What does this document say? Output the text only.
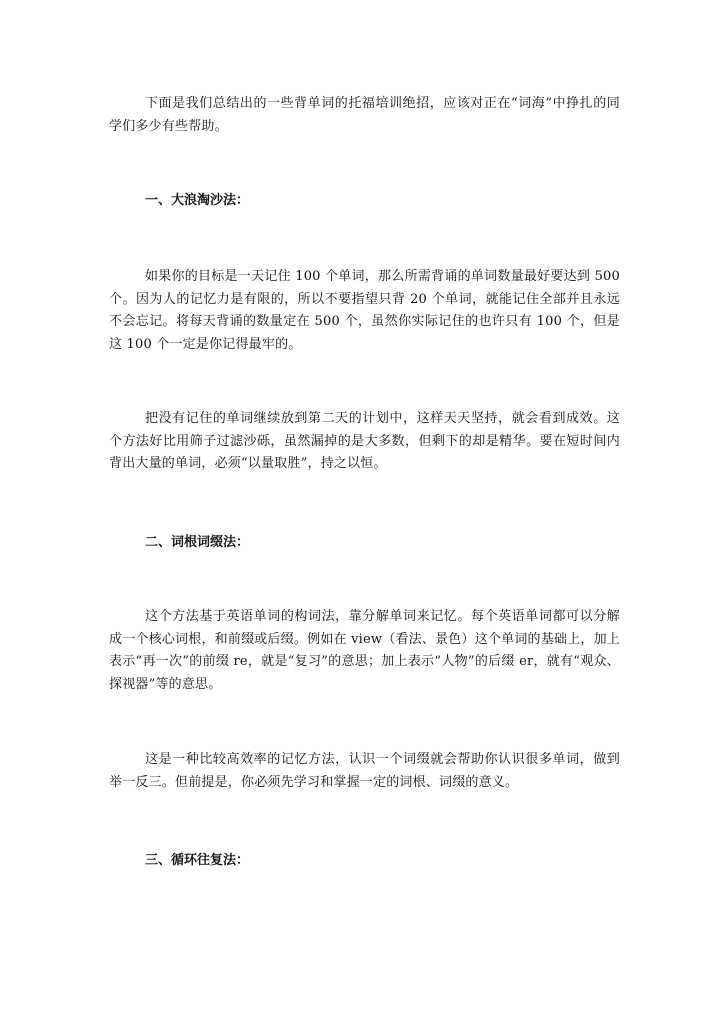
下面是我们总结出的一些背单词的托福培训绝招，应该对正在“词海”中挣扎的同学们多少有些帮助。

一、大浪淘沙法：

如果你的目标是一天记住 100 个单词，那么所需背诵的单词数量最好要达到 500 个。因为人的记忆力是有限的，所以不要指望只背 20 个单词，就能记住全部并且永远不会忘记。将每天背诵的数量定在 500 个，虽然你实际记住的也许只有 100 个，但是这 100 个一定是你记得最牢的。

把没有记住的单词继续放到第二天的计划中，这样天天坚持，就会看到成效。这个方法好比用筛子过滤沙砾，虽然漏掉的是大多数，但剩下的却是精华。要在短时间内背出大量的单词，必须“以量取胜”，持之以恒。

二、词根词缀法：

这个方法基于英语单词的构词法，靠分解单词来记忆。每个英语单词都可以分解成一个核心词根，和前缀或后缀。例如在 view（看法、景色）这个单词的基础上，加上表示“再一次”的前缀 re，就是“复习”的意思；加上表示“人物”的后缀 er，就有“观众、探视器”等的意思。

这是一种比较高效率的记忆方法，认识一个词缀就会帮助你认识很多单词，做到举一反三。但前提是，你必须先学习和掌握一定的词根、词缀的意义。

三、循环往复法：
